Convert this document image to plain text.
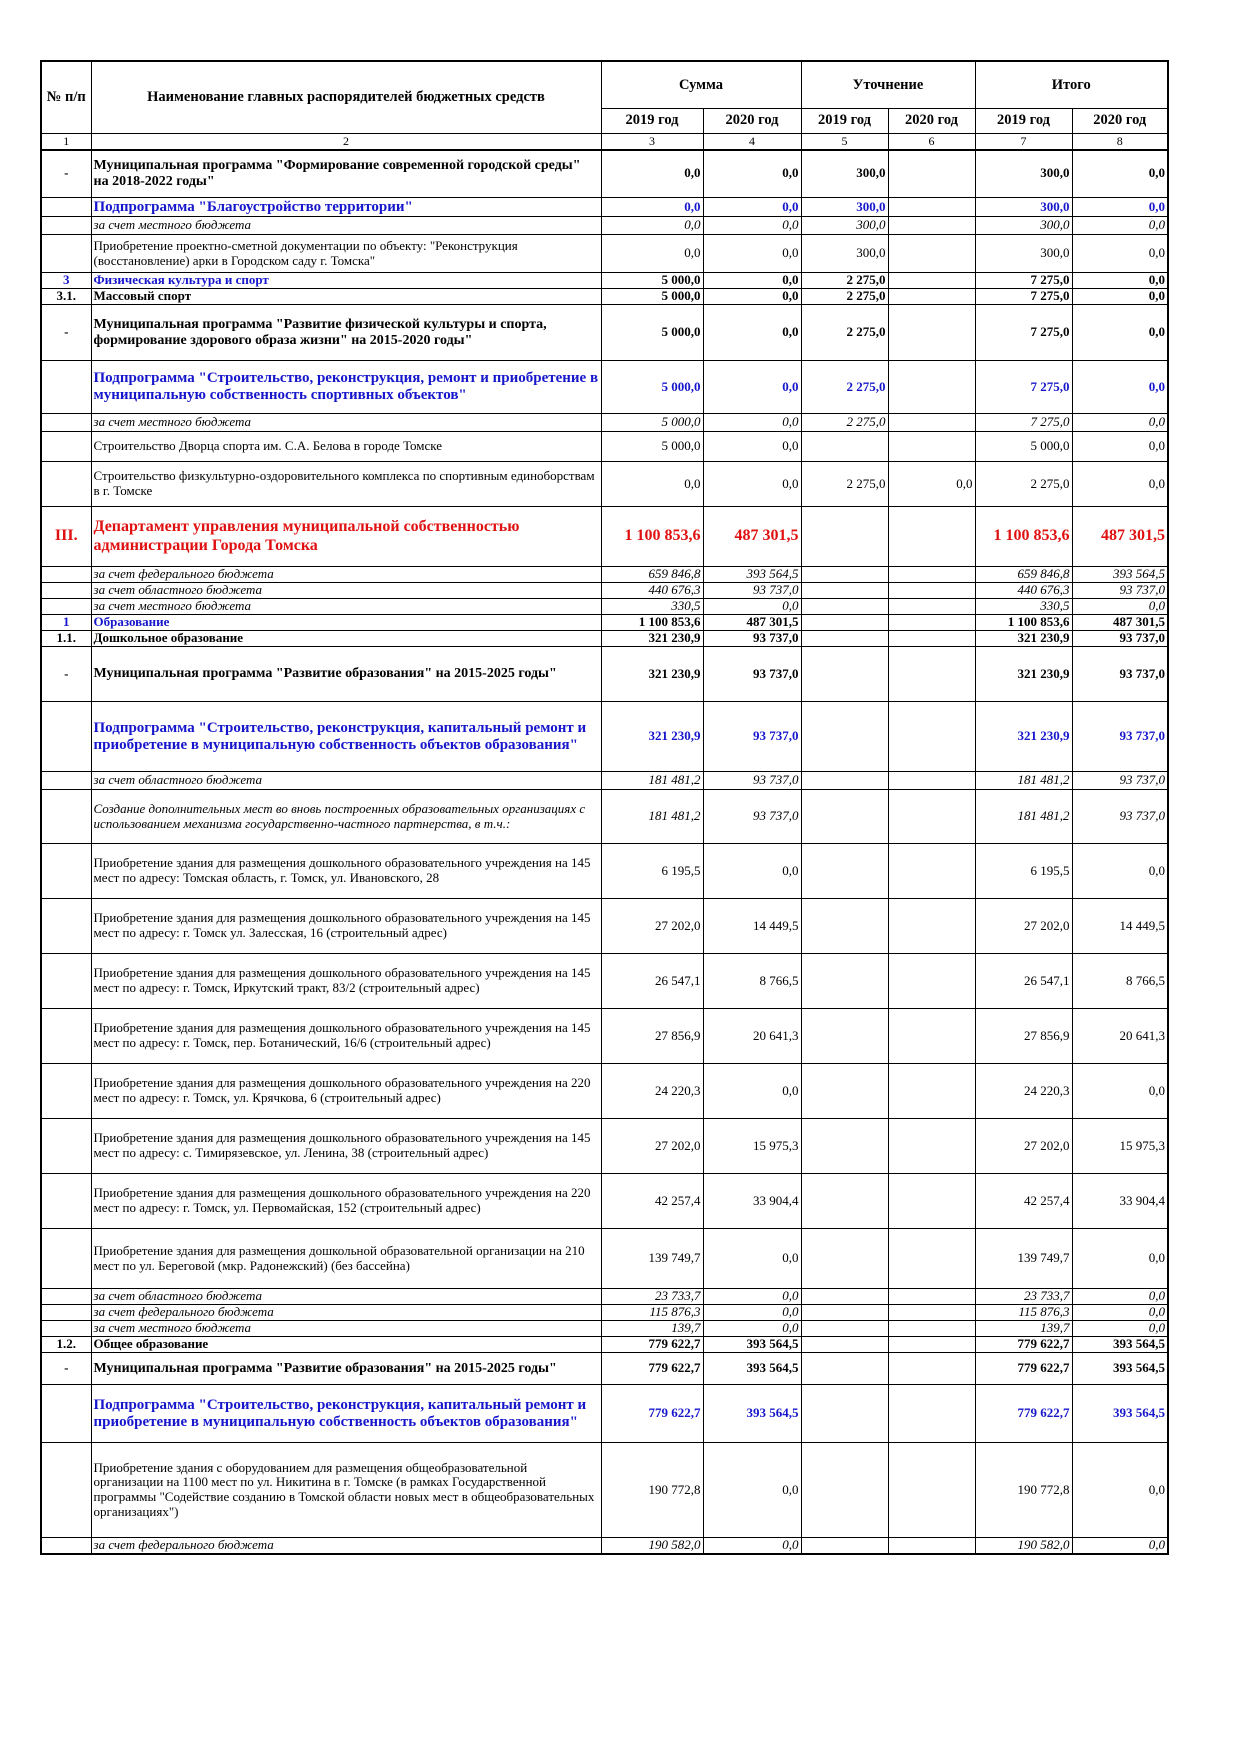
№ п/п	Наименование главных распорядителей бюджетных средств	Сумма		Уточнение		Итого	
		2019 год	2020 год	2019 год	2020 год	2019 год	2020 год
1	2	3	4	5	6	7	8
-	Муниципальная программа "Формирование современной городской среды" на 2018-2022 годы"	0,0	0,0	300,0		300,0	0,0
	Подпрограмма "Благоустройство территории"	0,0	0,0	300,0		300,0	0,0
	за счет местного бюджета	0,0	0,0	300,0		300,0	0,0
	Приобретение проектно-сметной документации по объекту: "Реконструкция (восстановление) арки в Городском саду г. Томска"	0,0	0,0	300,0		300,0	0,0
3	Физическая культура и спорт	5 000,0	0,0	2 275,0		7 275,0	0,0
3.1.	Массовый спорт	5 000,0	0,0	2 275,0		7 275,0	0,0
-	Муниципальная программа "Развитие физической культуры и спорта, формирование здорового образа жизни" на 2015-2020 годы"	5 000,0	0,0	2 275,0		7 275,0	0,0
	Подпрограмма "Строительство, реконструкция, ремонт и приобретение в муниципальную собственность спортивных объектов"	5 000,0	0,0	2 275,0		7 275,0	0,0
	за счет местного бюджета	5 000,0	0,0	2 275,0		7 275,0	0,0
	Строительство Дворца спорта им. С.А. Белова в городе Томске	5 000,0	0,0			5 000,0	0,0
	Строительство физкультурно-оздоровительного комплекса по спортивным единоборствам в г. Томске	0,0	0,0	2 275,0	0,0	2 275,0	0,0
III.	Департамент управления муниципальной собственностью администрации Города Томска	1 100 853,6	487 301,5			1 100 853,6	487 301,5
	за счет федерального бюджета	659 846,8	393 564,5			659 846,8	393 564,5
	за счет областного бюджета	440 676,3	93 737,0			440 676,3	93 737,0
	за счет местного бюджета	330,5	0,0			330,5	0,0
1	Образование	1 100 853,6	487 301,5			1 100 853,6	487 301,5
1.1.	Дошкольное образование	321 230,9	93 737,0			321 230,9	93 737,0
-	Муниципальная программа "Развитие образования" на 2015-2025 годы"	321 230,9	93 737,0			321 230,9	93 737,0
	Подпрограмма "Строительство, реконструкция, капитальный ремонт и приобретение в муниципальную собственность объектов образования"	321 230,9	93 737,0			321 230,9	93 737,0
	за счет областного бюджета	181 481,2	93 737,0			181 481,2	93 737,0
	Создание дополнительных мест во вновь построенных образовательных организациях с использованием механизма государственно-частного партнерства, в т.ч.:	181 481,2	93 737,0			181 481,2	93 737,0
	Приобретение здания для размещения дошкольного образовательного учреждения на 145 мест по адресу: Томская область, г. Томск, ул. Ивановского, 28	6 195,5	0,0			6 195,5	0,0
	Приобретение здания для размещения дошкольного образовательного учреждения на 145 мест по адресу: г. Томск ул. Залесская, 16 (строительный адрес)	27 202,0	14 449,5			27 202,0	14 449,5
	Приобретение здания для размещения дошкольного образовательного учреждения на 145 мест по адресу: г. Томск, Иркутский тракт, 83/2 (строительный адрес)	26 547,1	8 766,5			26 547,1	8 766,5
	Приобретение здания для размещения дошкольного образовательного учреждения на 145 мест по адресу: г. Томск, пер. Ботанический, 16/6 (строительный адрес)	27 856,9	20 641,3			27 856,9	20 641,3
	Приобретение здания для размещения дошкольного образовательного учреждения на 220 мест по адресу: г. Томск, ул. Крячкова, 6 (строительный адрес)	24 220,3	0,0			24 220,3	0,0
	Приобретение здания для размещения дошкольного образовательного учреждения на 145 мест по адресу: с. Тимирязевское, ул. Ленина, 38 (строительный адрес)	27 202,0	15 975,3			27 202,0	15 975,3
	Приобретение здания для размещения дошкольного образовательного учреждения на 220 мест по адресу: г. Томск, ул. Первомайская, 152 (строительный адрес)	42 257,4	33 904,4			42 257,4	33 904,4
	Приобретение здания для размещения дошкольной образовательной организации на 210 мест по ул. Береговой (мкр. Радонежский) (без бассейна)	139 749,7	0,0			139 749,7	0,0
	за счет областного бюджета	23 733,7	0,0			23 733,7	0,0
	за счет федерального бюджета	115 876,3	0,0			115 876,3	0,0
	за счет местного бюджета	139,7	0,0			139,7	0,0
1.2.	Общее образование	779 622,7	393 564,5			779 622,7	393 564,5
-	Муниципальная программа "Развитие образования" на 2015-2025 годы"	779 622,7	393 564,5			779 622,7	393 564,5
	Подпрограмма "Строительство, реконструкция, капитальный ремонт и приобретение в муниципальную собственность объектов образования"	779 622,7	393 564,5			779 622,7	393 564,5
	Приобретение здания с оборудованием для размещения общеобразовательной организации на 1100 мест по ул. Никитина в г. Томске (в рамках Государственной программы "Содействие созданию в Томской области новых мест в общеобразовательных организациях")	190 772,8	0,0			190 772,8	0,0
	за счет федерального бюджета	190 582,0	0,0			190 582,0	0,0
